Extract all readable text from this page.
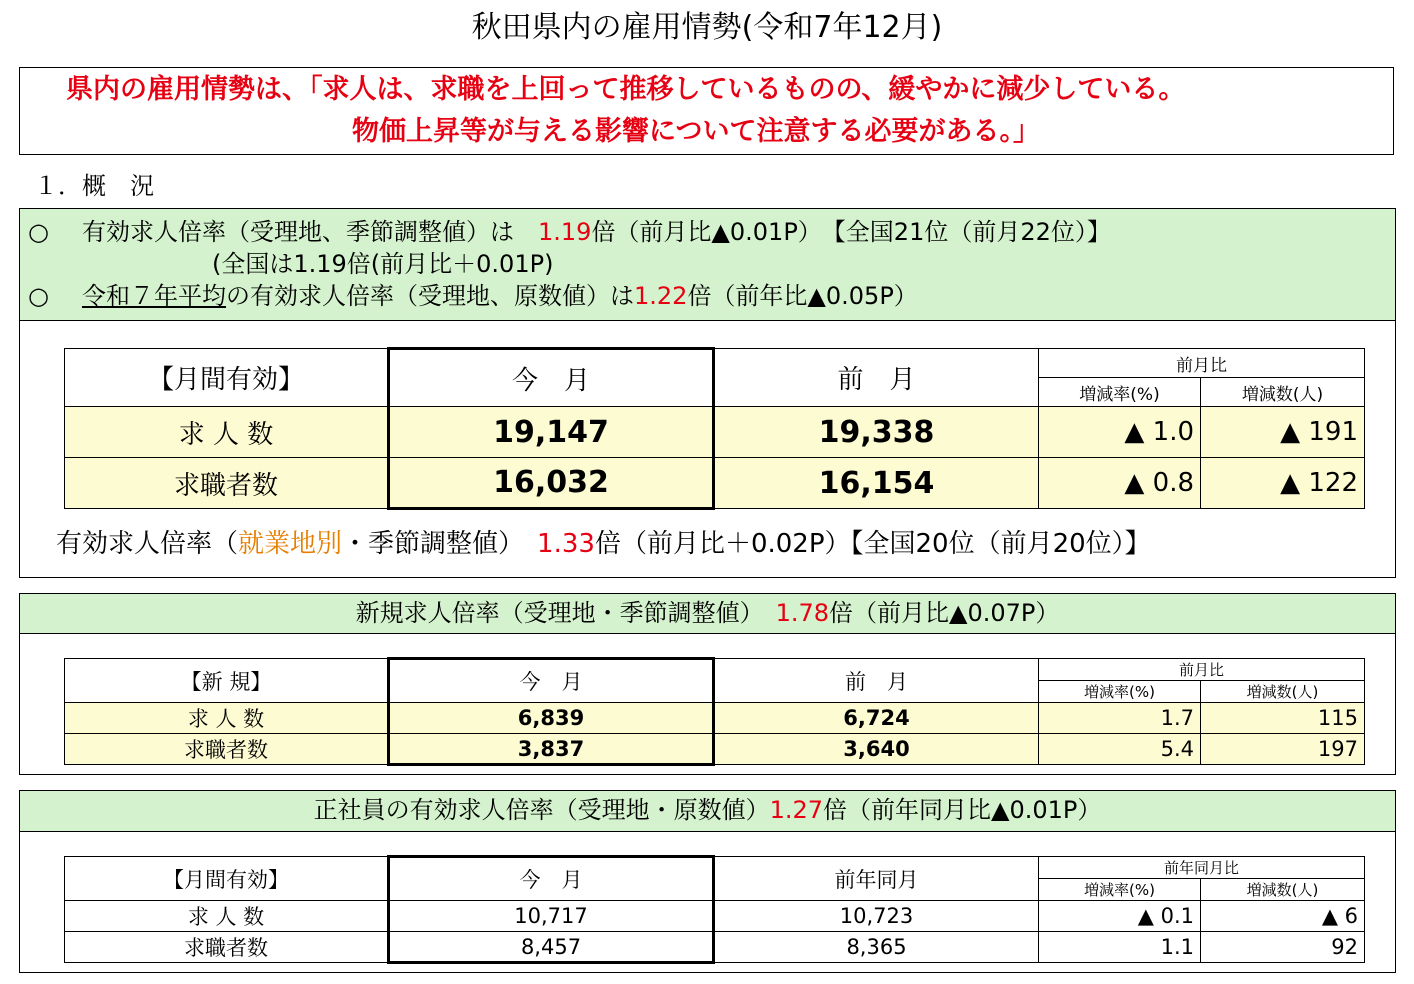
秋田県内の雇用情勢(令和7年12月)
県内の雇用情勢は、「求人は、求職を上回って推移しているものの、緩やかに減少している。
物価上昇等が与える影響について注意する必要がある。」
１．概　況
○ 有効求人倍率（受理地、季節調整値）は　1.19倍（前月比▲0.01P）　【全国21位（前月22位）】
(全国は1.19倍(前月比＋0.01P)
○ 令和７年平均の有効求人倍率（受理地、原数値）は1.22倍（前年比▲0.05P）
【月間有効】	今　月	前　月	前月比	
			増減率(%)	増減数(人)
求 人 数	19,147	19,338	▲ 1.0	▲ 191
求職者数	16,032	16,154	▲ 0.8	▲ 122
有効求人倍率（就業地別・季節調整値）　1.33倍（前月比＋0.02P）【全国20位（前月20位）】
新規求人倍率（受理地・季節調整値）　1.78倍（前月比▲0.07P）
【新 規】	今　月	前　月	前月比	
			増減率(%)	増減数(人)
求 人 数	6,839	6,724	1.7	115
求職者数	3,837	3,640	5.4	197
正社員の有効求人倍率（受理地・原数値）1.27倍（前年同月比▲0.01P）
【月間有効】	今　月	前年同月	前年同月比	
			増減率(%)	増減数(人)
求 人 数	10,717	10,723	▲ 0.1	▲ 6
求職者数	8,457	8,365	1.1	92
